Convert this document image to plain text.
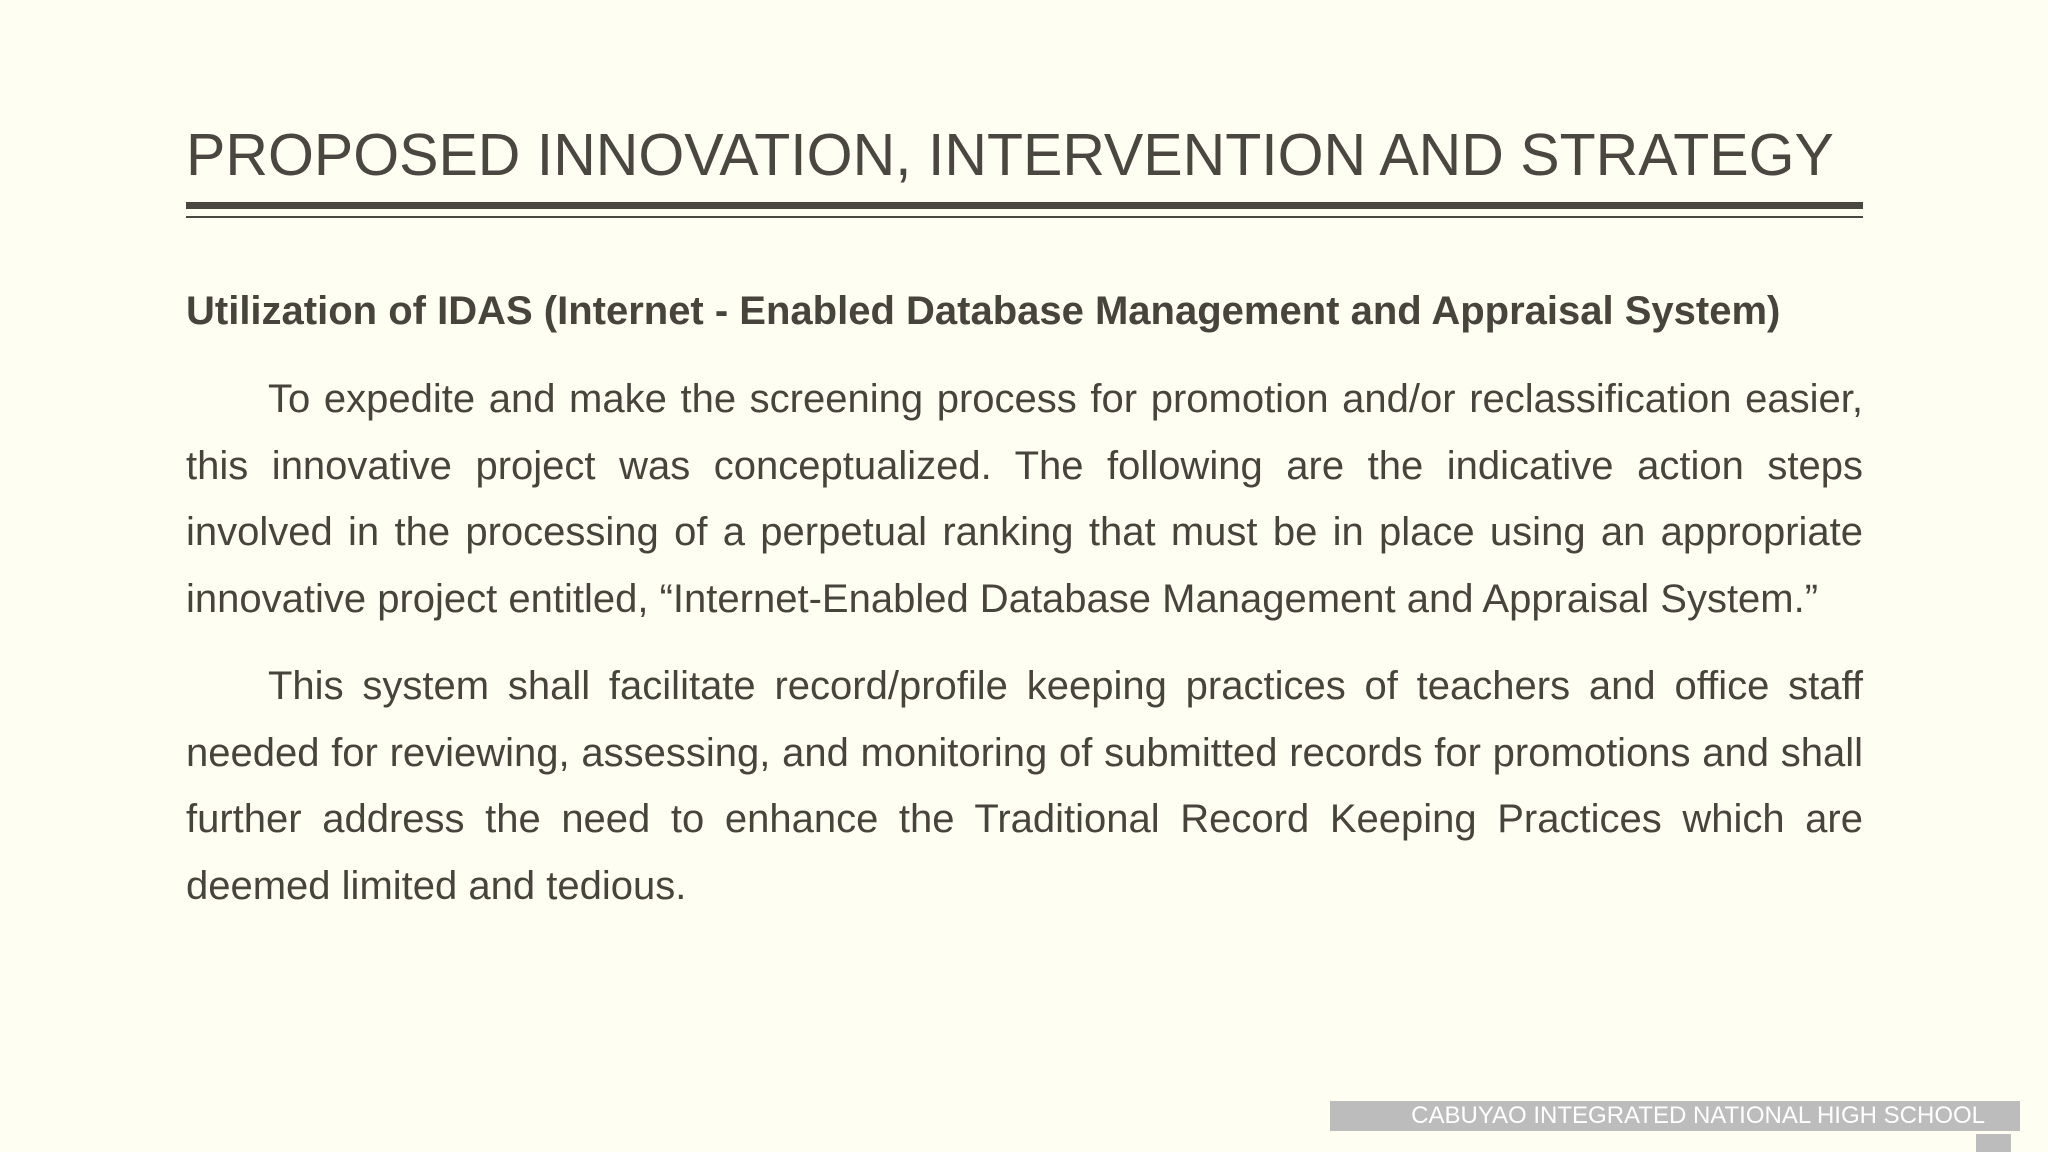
PROPOSED INNOVATION, INTERVENTION AND STRATEGY

Utilization of IDAS (Internet - Enabled Database Management and Appraisal System)

To expedite and make the screening process for promotion and/or reclassification easier, this innovative project was conceptualized. The following are the indicative action steps involved in the processing of a perpetual ranking that must be in place using an appropriate innovative project entitled, “Internet-Enabled Database Management and Appraisal System.”

This system shall facilitate record/profile keeping practices of teachers and office staff needed for reviewing, assessing, and monitoring of submitted records for promotions and shall further address the need to enhance the Traditional Record Keeping Practices which are deemed limited and tedious.

CABUYAO INTEGRATED NATIONAL HIGH SCHOOL
